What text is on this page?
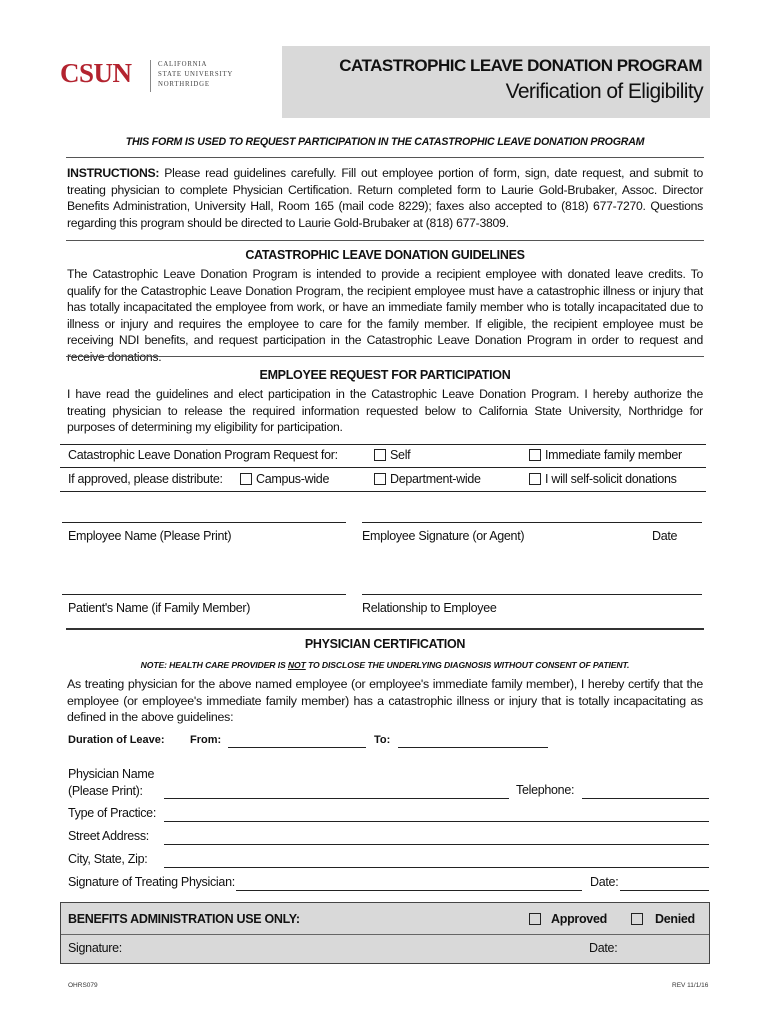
CSUN	CALIFORNIA
STATE UNIVERSITY
NORTHRIDGE
CATASTROPHIC LEAVE DONATION PROGRAM
Verification of Eligibility
THIS FORM IS USED TO REQUEST PARTICIPATION IN THE CATASTROPHIC LEAVE DONATION PROGRAM
INSTRUCTIONS: Please read guidelines carefully. Fill out employee portion of form, sign, date request, and submit to treating physician to complete Physician Certification. Return completed form to Laurie Gold-Brubaker, Assoc. Director Benefits Administration, University Hall, Room 165 (mail code 8229); faxes also accepted to (818) 677-7270. Questions regarding this program should be directed to Laurie Gold-Brubaker at (818) 677-3809.
CATASTROPHIC LEAVE DONATION GUIDELINES
The Catastrophic Leave Donation Program is intended to provide a recipient employee with donated leave credits. To qualify for the Catastrophic Leave Donation Program, the recipient employee must have a catastrophic illness or injury that has totally incapacitated the employee from work, or have an immediate family member who is totally incapacitated due to illness or injury and requires the employee to care for the family member. If eligible, the recipient employee must be receiving NDI benefits, and request participation in the Catastrophic Leave Donation Program in order to request and receive donations.
EMPLOYEE REQUEST FOR PARTICIPATION
I have read the guidelines and elect participation in the Catastrophic Leave Donation Program. I hereby authorize the treating physician to release the required information requested below to California State University, Northridge for purposes of determining my eligibility for participation.
Catastrophic Leave Donation Program Request for:	Self	Immediate family member
If approved, please distribute:	Campus-wide	Department-wide	I will self-solicit donations
Employee Name (Please Print)	Employee Signature (or Agent)	Date
Patient's Name (if Family Member)	Relationship to Employee
PHYSICIAN CERTIFICATION
NOTE: HEALTH CARE PROVIDER IS NOT TO DISCLOSE THE UNDERLYING DIAGNOSIS WITHOUT CONSENT OF PATIENT.
As treating physician for the above named employee (or employee's immediate family member), I hereby certify that the employee (or employee's immediate family member) has a catastrophic illness or injury that is totally incapacitating as defined in the above guidelines:
Duration of Leave: From:	To:
Physician Name
(Please Print):	Telephone:
Type of Practice:
Street Address:
City, State, Zip:
Signature of Treating Physician:	Date:
BENEFITS ADMINISTRATION USE ONLY:	Approved	Denied
Signature:	Date:
OHRS079	REV 11/1/16
